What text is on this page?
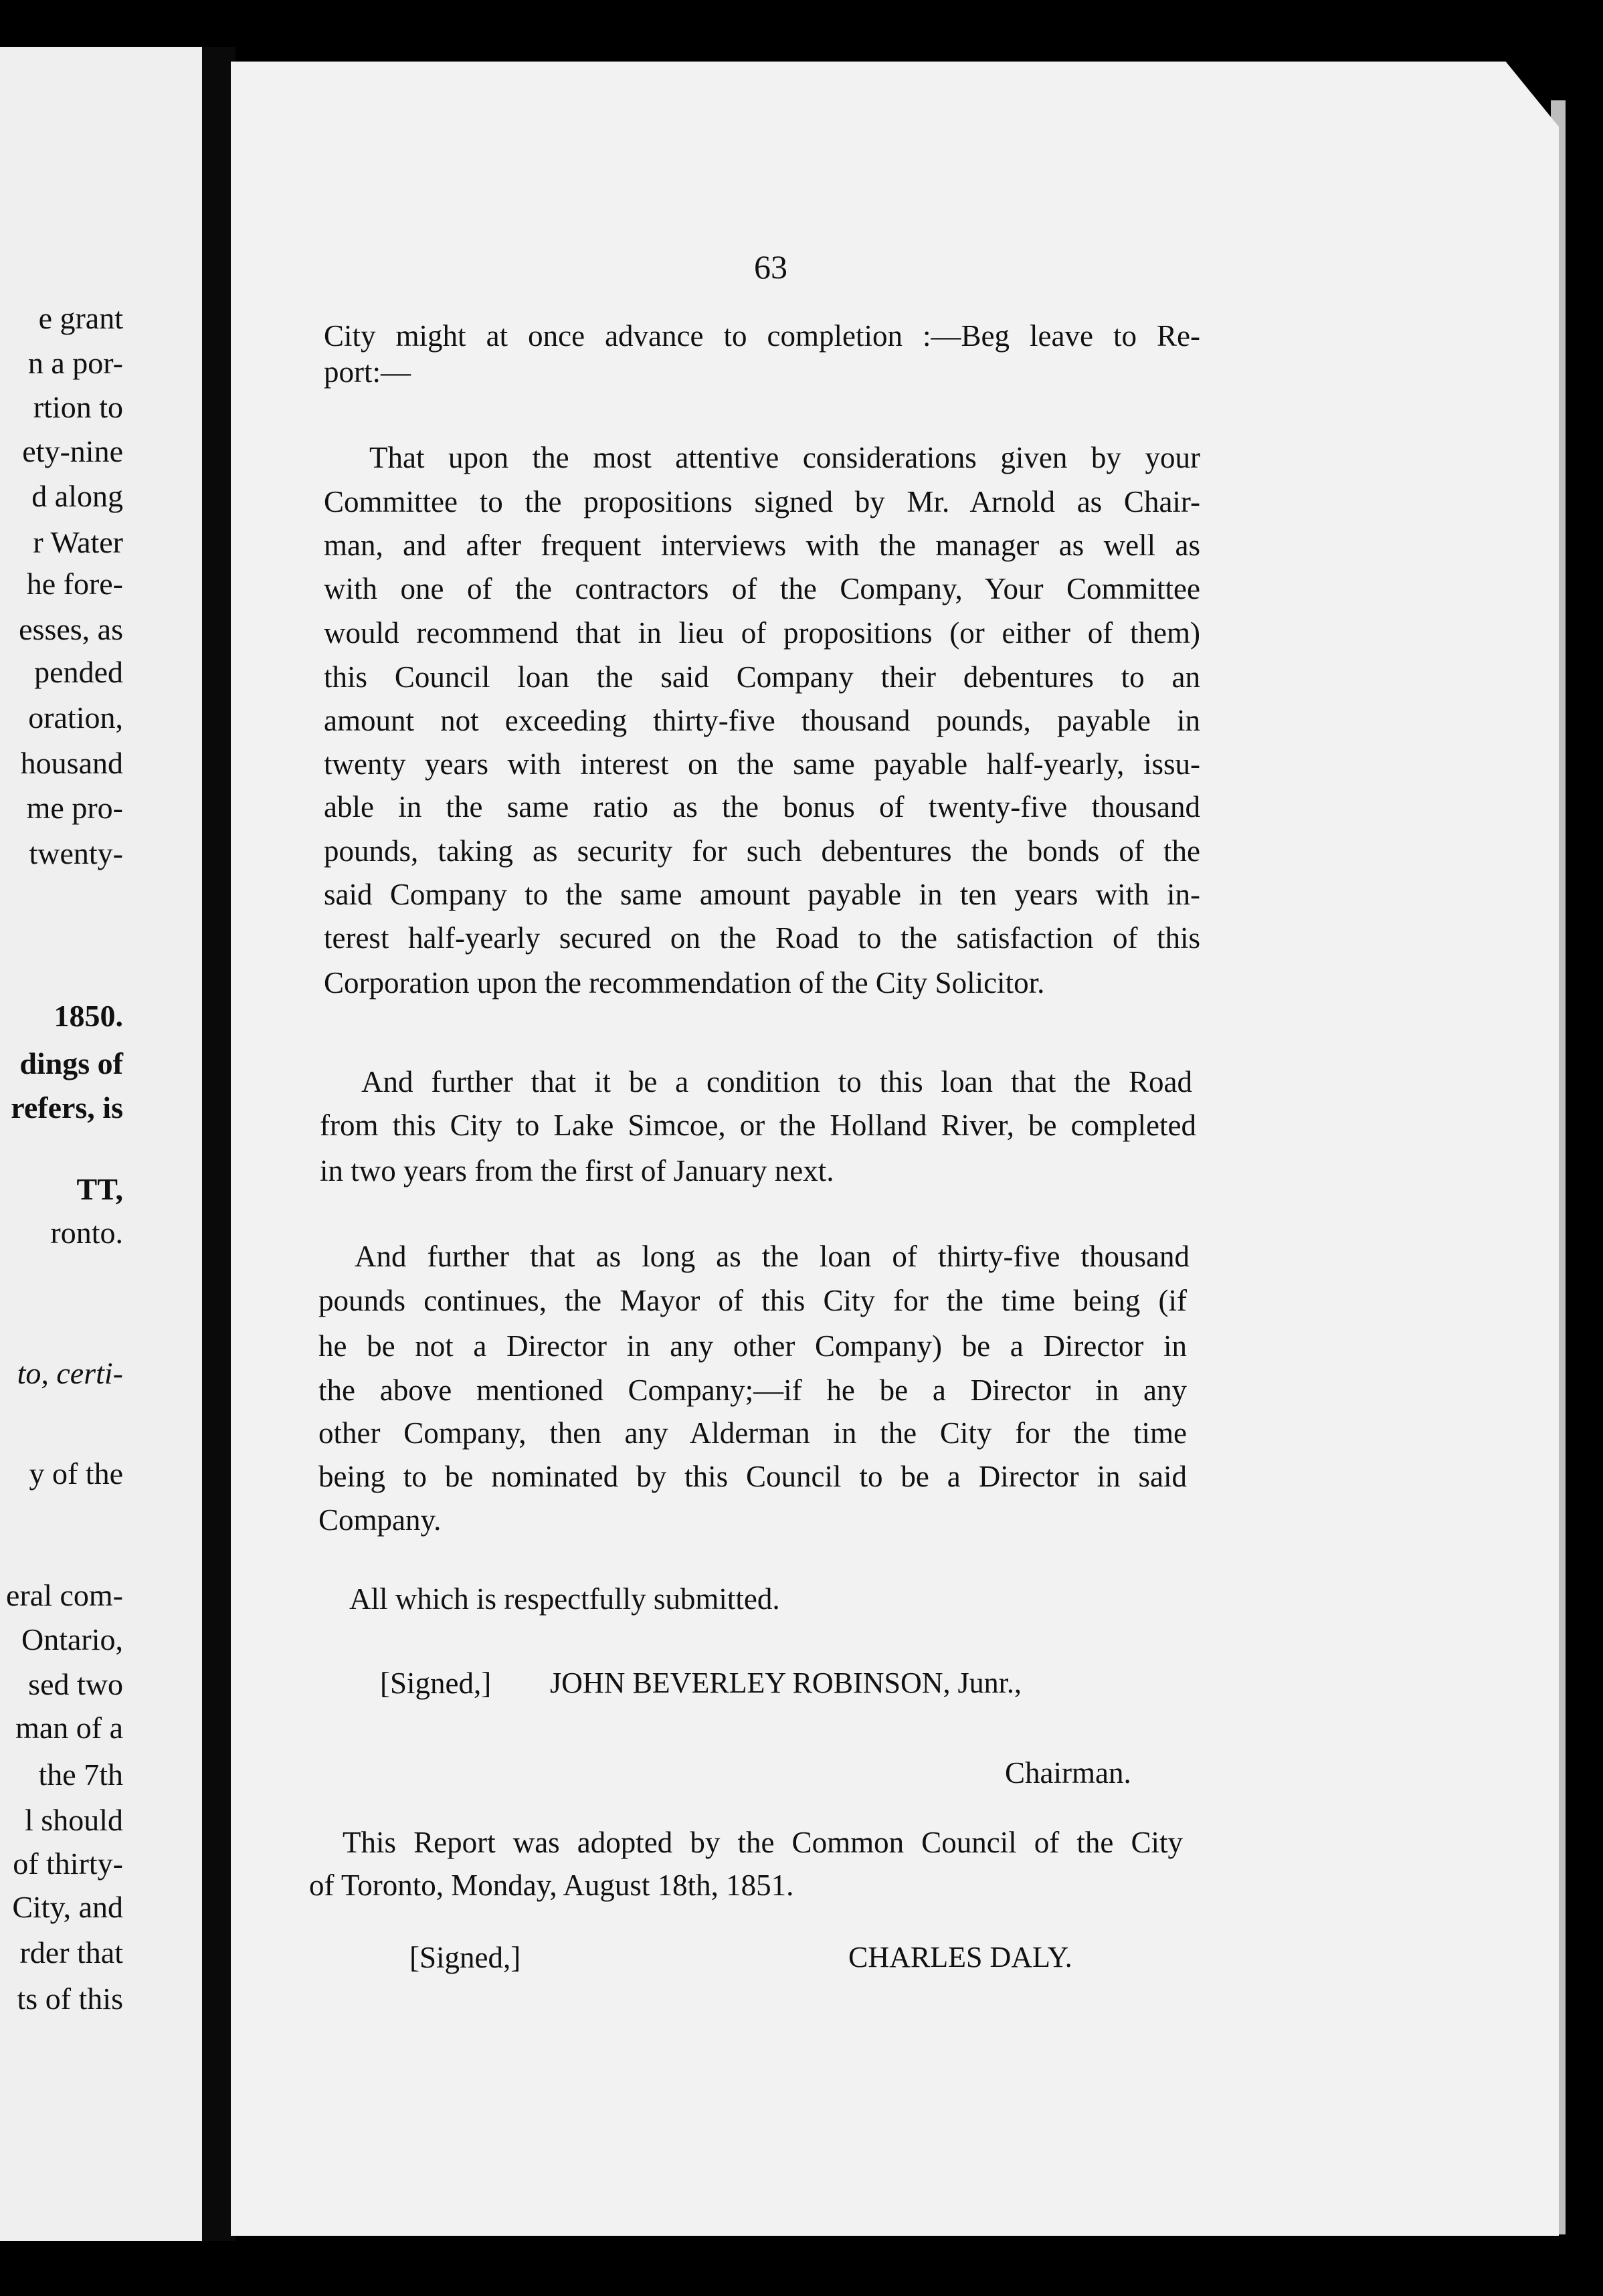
e grant
n a por-
rtion to
ety-nine
d along
r Water
he fore-
esses, as
pended
oration,
housand
me pro-
twenty-
1850.
dings of
refers, is
TT,
ronto.
to, certi-
y of the
eral com-
Ontario,
sed two
man of a
the 7th
l should
of thirty-
City, and
rder that
ts of this
63
City might at once advance to completion :—Beg leave to Re-
port:—
That upon the most attentive considerations given by your
Committee to the propositions signed by Mr. Arnold as Chair-
man, and after frequent interviews with the manager as well as
with one of the contractors of the Company, Your Committee
would recommend that in lieu of propositions (or either of them)
this Council loan the said Company their debentures to an
amount not exceeding thirty-five thousand pounds, payable in
twenty years with interest on the same payable half-yearly, issu-
able in the same ratio as the bonus of twenty-five thousand
pounds, taking as security for such debentures the bonds of the
said Company to the same amount payable in ten years with in-
terest half-yearly secured on the Road to the satisfaction of this
Corporation upon the recommendation of the City Solicitor.
And further that it be a condition to this loan that the Road
from this City to Lake Simcoe, or the Holland River, be completed
in two years from the first of January next.
And further that as long as the loan of thirty-five thousand
pounds continues, the Mayor of this City for the time being (if
he be not a Director in any other Company) be a Director in
the above mentioned Company;—if he be a Director in any
other Company, then any Alderman in the City for the time
being to be nominated by this Council to be a Director in said
Company.
All which is respectfully submitted.
[Signed,] JOHN BEVERLEY ROBINSON, Junr.,
Chairman.
This Report was adopted by the Common Council of the City
of Toronto, Monday, August 18th, 1851.
[Signed,]	CHARLES DALY.
